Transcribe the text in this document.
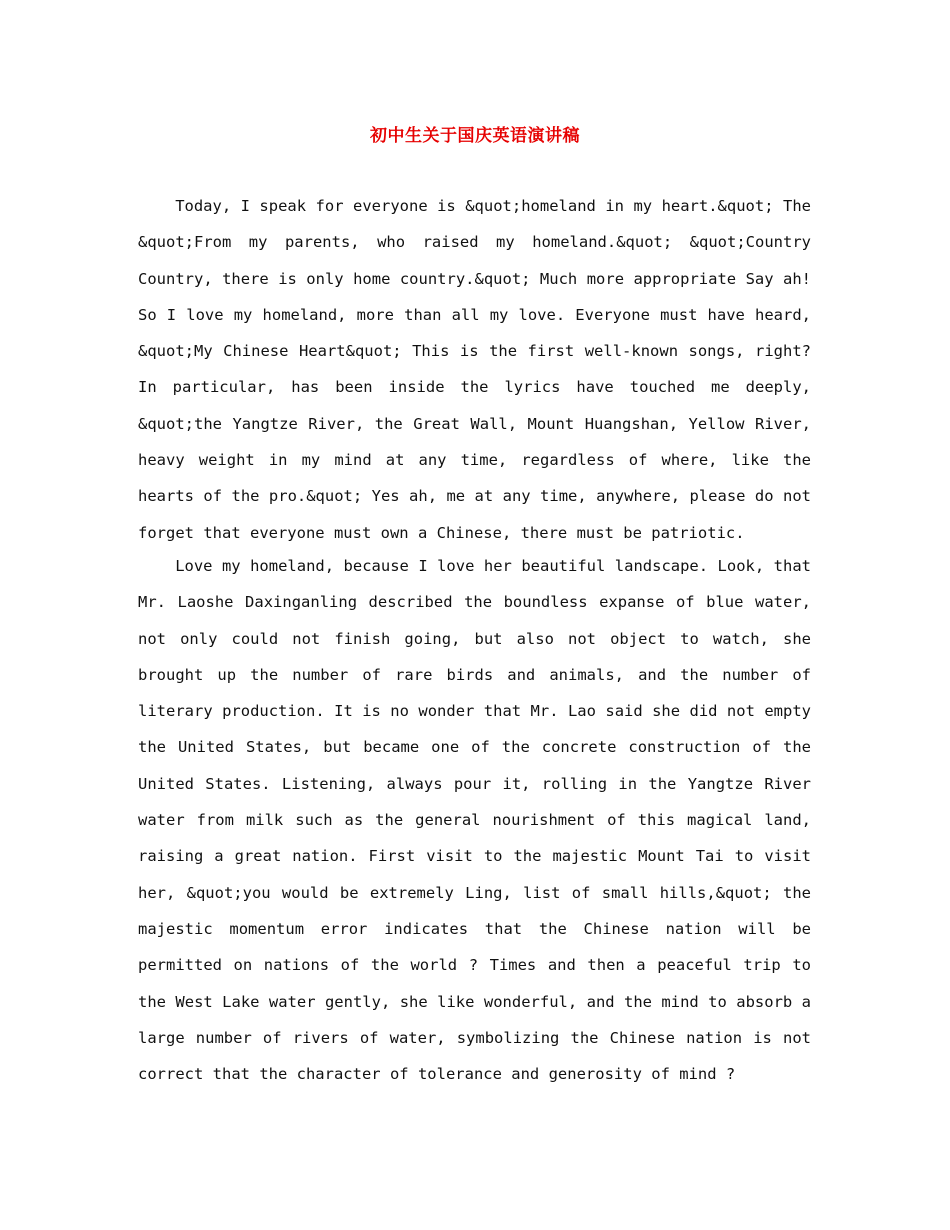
初中生关于国庆英语演讲稿

Today, I speak for everyone is &quot;homeland in my heart.&quot; The &quot;From my parents, who raised my homeland.&quot; &quot;Country Country, there is only home country.&quot; Much more appropriate Say ah! So I love my homeland, more than all my love. Everyone must have heard, &quot;My Chinese Heart&quot; This is the first well-known songs, right? In particular, has been inside the lyrics have touched me deeply, &quot;the Yangtze River, the Great Wall, Mount Huangshan, Yellow River, heavy weight in my mind at any time, regardless of where, like the hearts of the pro.&quot; Yes ah, me at any time, anywhere, please do not forget that everyone must own a Chinese, there must be patriotic.

Love my homeland, because I love her beautiful landscape. Look, that Mr. Laoshe Daxinganling described the boundless expanse of blue water, not only could not finish going, but also not object to watch, she brought up the number of rare birds and animals, and the number of literary production. It is no wonder that Mr. Lao said she did not empty the United States, but became one of the concrete construction of the United States. Listening, always pour it, rolling in the Yangtze River water from milk such as the general nourishment of this magical land, raising a great nation. First visit to the majestic Mount Tai to visit her, &quot;you would be extremely Ling, list of small hills,&quot; the majestic momentum error indicates that the Chinese nation will be permitted on nations of the world ? Times and then a peaceful trip to the West Lake water gently, she like wonderful, and the mind to absorb a large number of rivers of water, symbolizing the Chinese nation is not correct that the character of tolerance and generosity of mind ?
